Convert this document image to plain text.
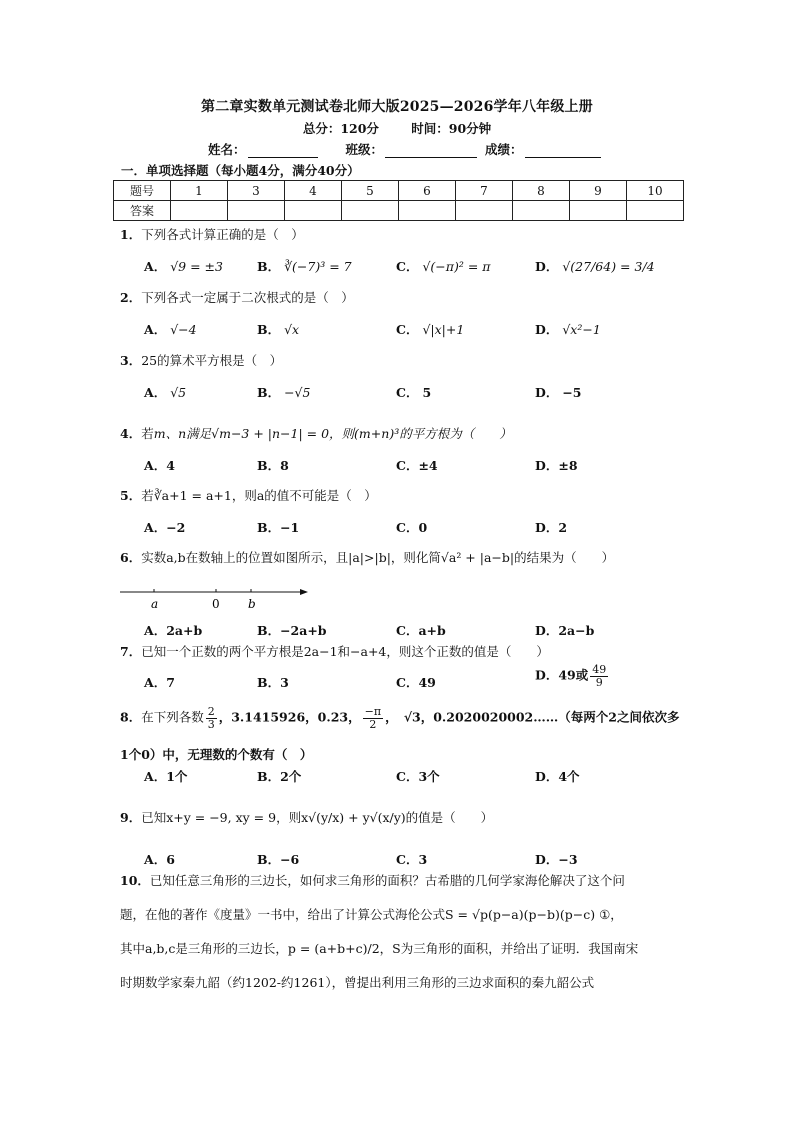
第二章实数单元测试卷北师大版2025—2026学年八年级上册
总分：120分	时间：90分钟
姓名：	班级：	成绩：
一．单项选择题（每小题4分，满分40分）
题号	1	3	4	5	6	7	8	9	10
答案									
1．下列各式计算正确的是（　）
A． √9 = ±3	B． ∛(−7)³ = 7	C． √(−π)² = π	D． √(27/64) = 3/4
2．下列各式一定属于二次根式的是（　）
A． √−4	B． √x	C． √|x|+1	D． √x²−1
3．25的算术平方根是（　）
A． √5	B． −√5	C． 5	D． −5
4．若m、n满足√m−3 + |n−1| = 0，则(m+n)³的平方根为（　　）
A．4	B．8	C．±4	D．±8
5．若∛a+1 = a+1，则a的值不可能是（　）
A．−2	B．−1	C．0	D．2
6．实数a,b在数轴上的位置如图所示，且|a|>|b|，则化简√a² + |a−b|的结果为（　　）
a	0 b
A．2a+b	B．−2a+b	C．a+b	D．2a−b
7．已知一个正数的两个平方根是2a−1和−a+4，则这个正数的值是（　　）
A．7	B．3	C．49	D．49或 $\frac{49}{9}$
8．在下列各数 $\frac{2}{3}$ ，3.1415926，0.23， $\frac{-\pi}{2}$ ，　√3，0.2020020002……（每两个2之间依次多
1个0）中，无理数的个数有（　）
A．1个	B．2个	C．3个	D．4个
9．已知x+y = −9, xy = 9，则x√(y/x) + y√(x/y)的值是（　　）
A．6	B．−6	C．3	D．−3
10．已知任意三角形的三边长，如何求三角形的面积？古希腊的几何学家海伦解决了这个问
题，在他的著作《度量》一书中，给出了计算公式海伦公式S = √p(p−a)(p−b)(p−c) ①，
其中a,b,c是三角形的三边长，p = (a+b+c)/2，S为三角形的面积，并给出了证明．我国南宋
时期数学家秦九韶（约1202-约1261），曾提出利用三角形的三边求面积的秦九韶公式
